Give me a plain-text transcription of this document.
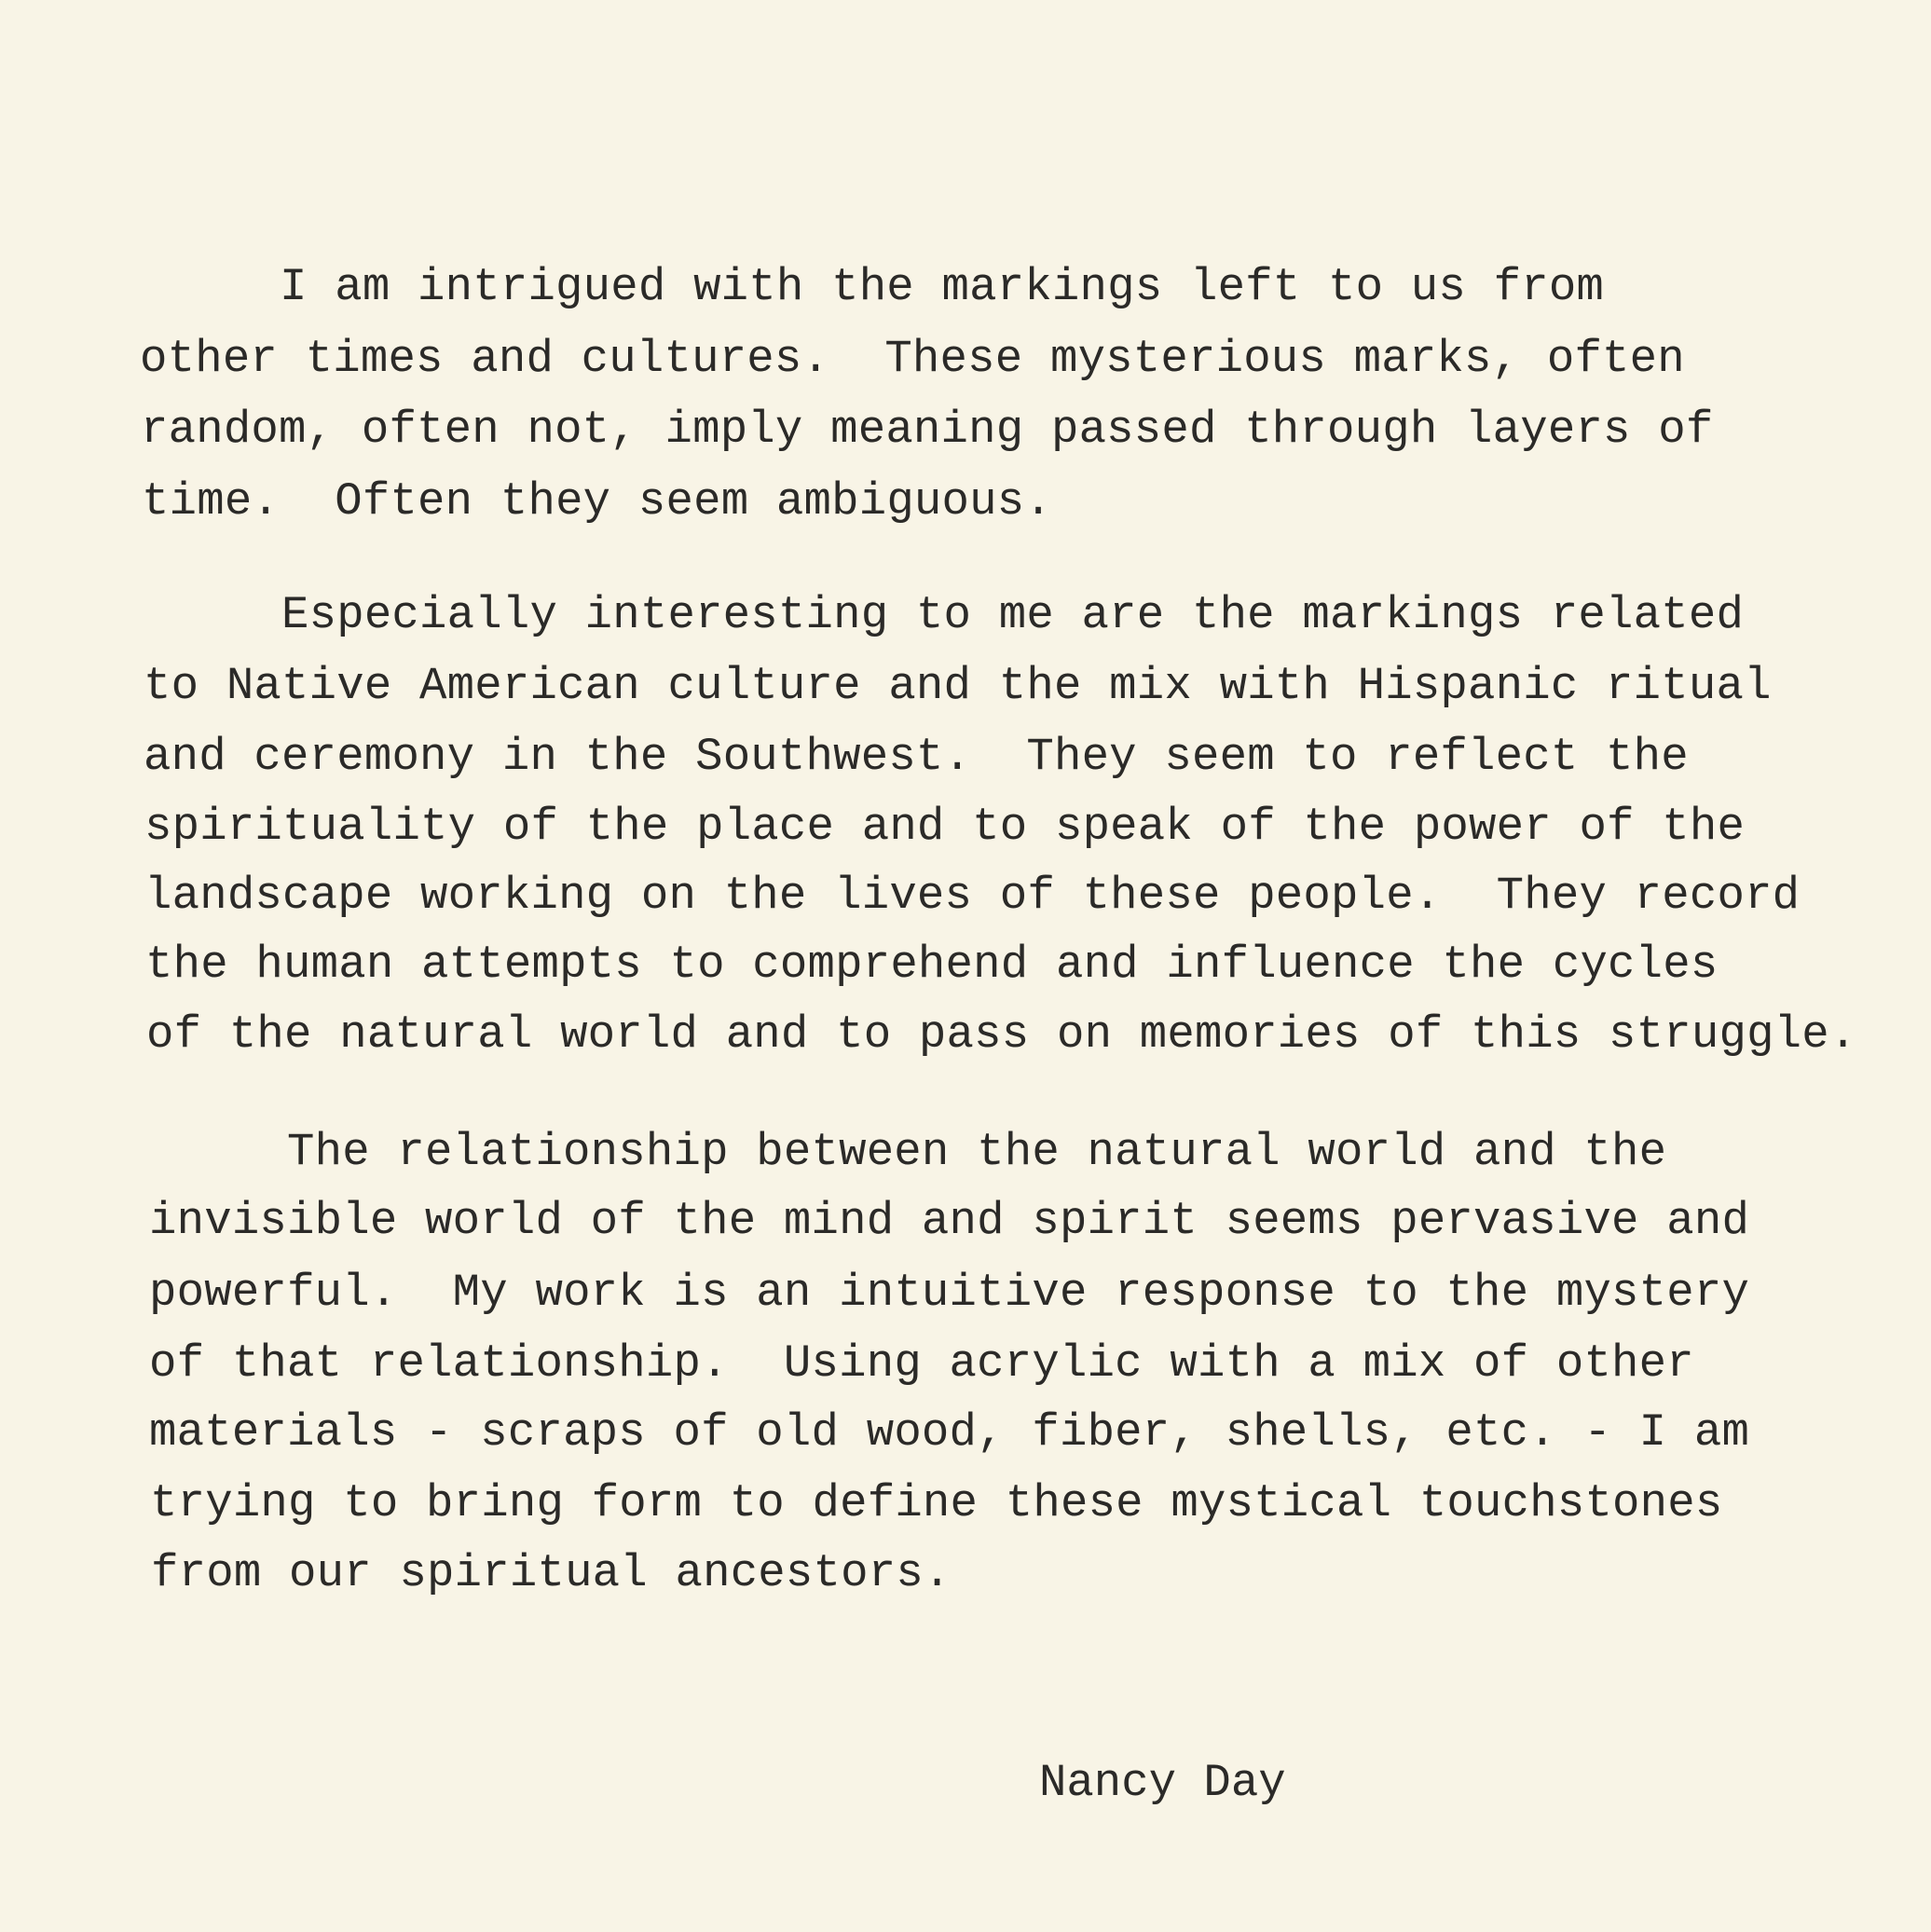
I am intrigued with the markings left to us from
other times and cultures.  These mysterious marks, often
random, often not, imply meaning passed through layers of
time.  Often they seem ambiguous.
Especially interesting to me are the markings related
to Native American culture and the mix with Hispanic ritual
and ceremony in the Southwest.  They seem to reflect the
spirituality of the place and to speak of the power of the
landscape working on the lives of these people.  They record
the human attempts to comprehend and influence the cycles
of the natural world and to pass on memories of this struggle.
The relationship between the natural world and the
invisible world of the mind and spirit seems pervasive and
powerful.  My work is an intuitive response to the mystery
of that relationship.  Using acrylic with a mix of other
materials - scraps of old wood, fiber, shells, etc. - I am
trying to bring form to define these mystical touchstones
from our spiritual ancestors.
Nancy Day
